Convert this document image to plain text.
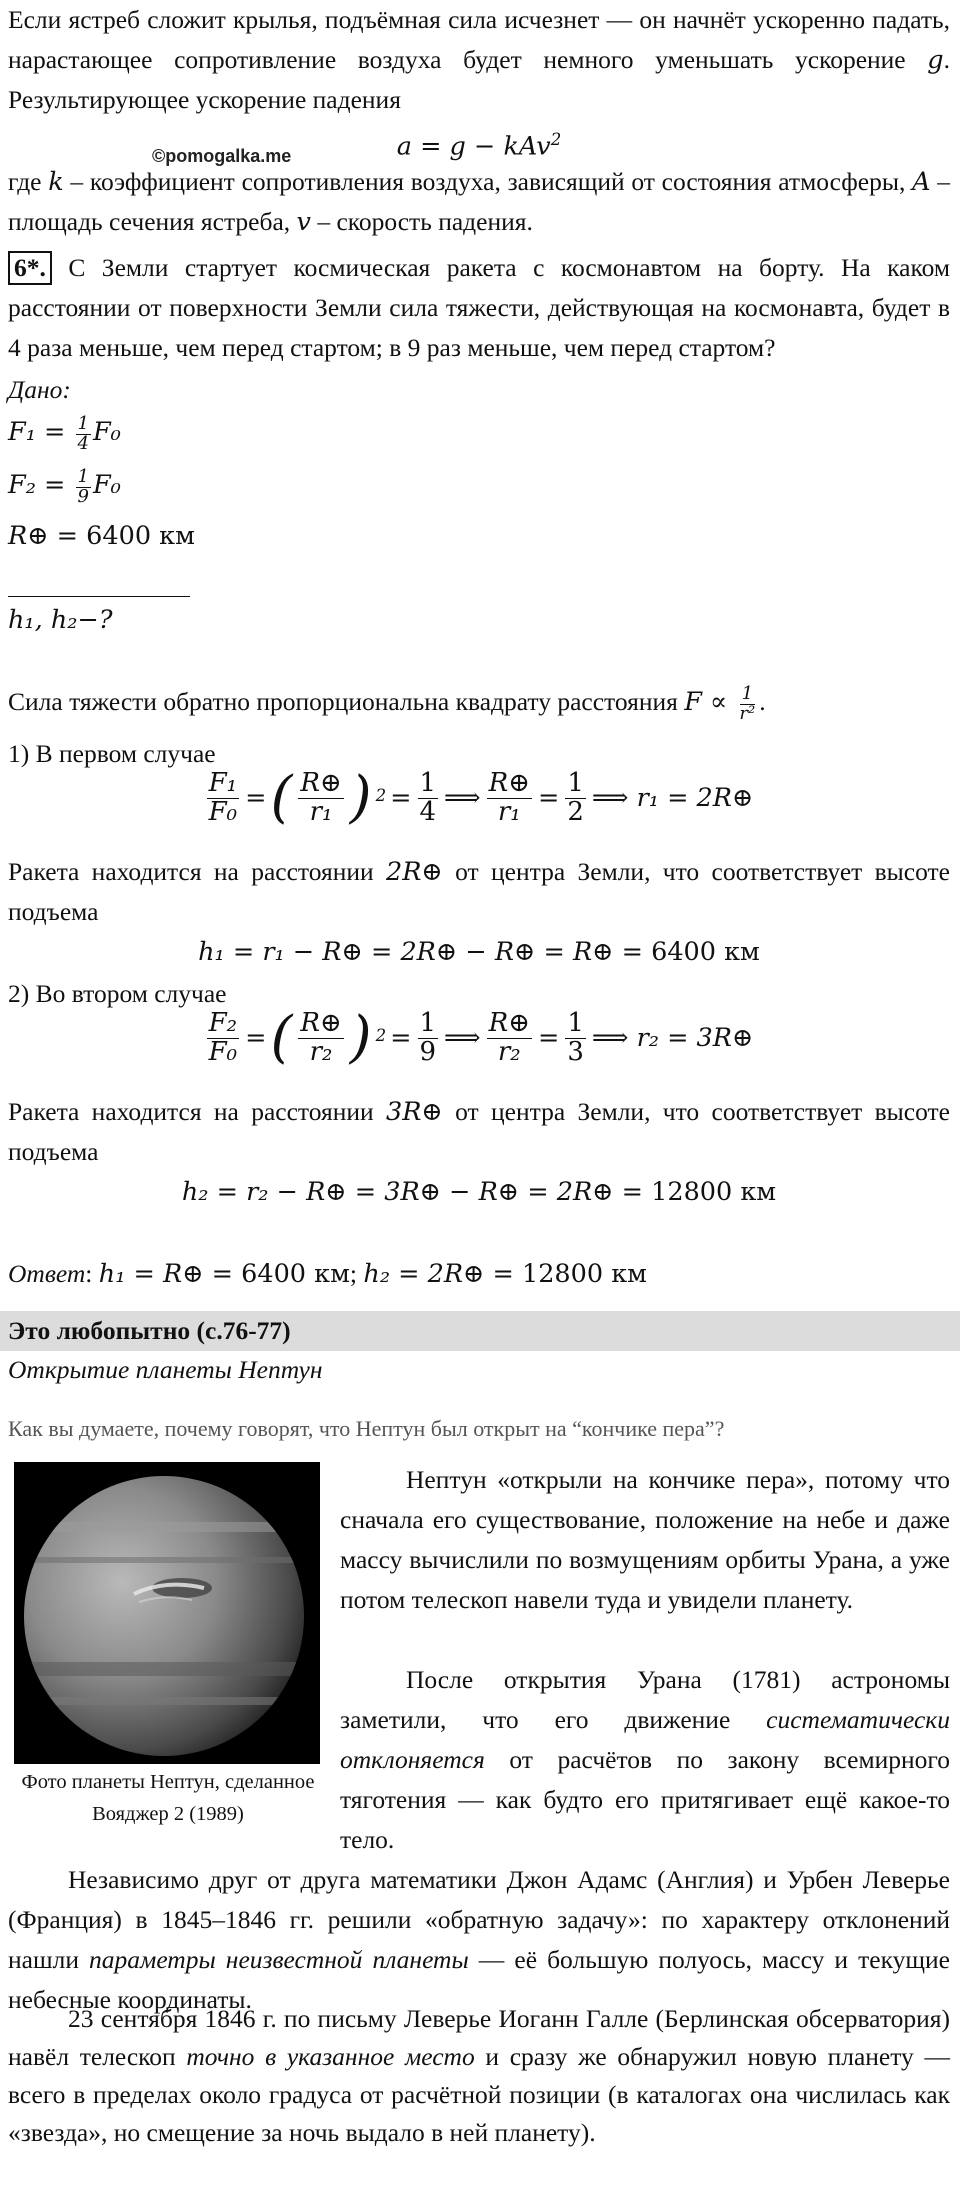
Если ястреб сложит крылья, подъёмная сила исчезнет — он начнёт ускоренно падать, нарастающее сопротивление воздуха будет немного уменьшать ускорение g. Результирующее ускорение падения

a = g − kAv$^2$

©pomogalka.me

где k – коэффициент сопротивления воздуха, зависящий от состояния атмосферы, A – площадь сечения ястреба, v – скорость падения.

6*. С Земли стартует космическая ракета с космонавтом на борту. На каком расстоянии от поверхности Земли сила тяжести, действующая на космонавта, будет в 4 раза меньше, чем перед стартом; в 9 раз меньше, чем перед стартом?

Дано:

$F_1 = \frac{1}{4} F_0$

$F_2 = \frac{1}{9} F_0$

R⊕ = 6400 км

h₁, h₂−?

Сила тяжести обратно пропорциональна квадрату расстояния $F \propto \frac{1}{\text{r²}}$ .

1) В первом случае

$\frac{\text{F₁}}{\text{F₀}}$ = ( $\frac{R\oplus}{\text{r₁}}$ ) $2 = \frac{1}{4}$ ⟹ $\frac{R\oplus}{\text{r₁}} = \frac{1}{2}$ ⟹ r₁ = 2R⊕

Ракета находится на расстоянии 2R⊕ от центра Земли, что соответствует высоте подъема

h₁ = r₁ − R⊕ = 2R⊕ − R⊕ = R⊕ = 6400 км

2) Во втором случае

$\frac{\text{F₂}}{\text{F₀}}$ = ( $\frac{R\oplus}{\text{r₂}}$ ) $2 = \frac{1}{9}$ ⟹ $\frac{R\oplus}{\text{r₂}} = \frac{1}{3}$ ⟹ r₂ = 3R⊕

Ракета находится на расстоянии 3R⊕ от центра Земли, что соответствует высоте подъема

h₂ = r₂ − R⊕ = 3R⊕ − R⊕ = 2R⊕ = 12800 км

Ответ: h₁ = R⊕ = 6400 км; h₂ = 2R⊕ = 12800 км

Это любопытно (с.76-77)

Открытие планеты Нептун

Как вы думаете, почему говорят, что Нептун был открыт на “кончике пера”?

Фото планеты Нептун, сделанное Вояджер 2 (1989)

Нептун «открыли на кончике пера», потому что сначала его существование, положение на небе и даже массу вычислили по возмущениям орбиты Урана, а уже потом телескоп навели туда и увидели планету.

После открытия Урана (1781) астрономы заметили, что его движение систематически отклоняется от расчётов по закону всемирного тяготения — как будто его притягивает ещё какое-то тело.

Независимо друг от друга математики Джон Адамс (Англия) и Урбен Леверье (Франция) в 1845–1846 гг. решили «обратную задачу»: по характеру отклонений нашли параметры неизвестной планеты — её большую полуось, массу и текущие небесные координаты.

23 сентября 1846 г. по письму Леверье Иоганн Галле (Берлинская обсерватория) навёл телескоп точно в указанное место и сразу же обнаружил новую планету — всего в пределах около градуса от расчётной позиции (в каталогах она числилась как «звезда», но смещение за ночь выдало в ней планету).
